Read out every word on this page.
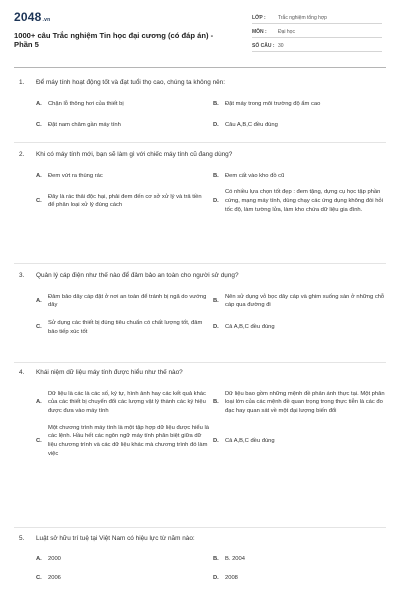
2048.vn
1000+ câu Trắc nghiệm Tin học đại cương (có đáp án) -
Phần 5
LỚP :	Trắc nghiệm tổng hợp
MÔN :	Đại học
SỐ CÂU : 30
1.	Để máy tính hoạt động tốt và đạt tuổi thọ cao, chúng ta không nên:
A.	Chặn lỗ thông hơi của thiết bị	B.	Đặt máy trong môi trường độ ẩm cao
C.	Đặt nam châm gần máy tính	D.	Câu A,B,C đều đúng
2.	Khi có máy tính mới, bạn sẽ làm gì với chiếc máy tính cũ đang dùng?
A.	Đem vứt ra thùng rác	B.	Đem cất vào kho đồ cũ
C.
Đây là rác thải độc hại, phải đem đến cơ sở xử lý và trả tiền để phân loại xử lý đúng cách
D.
Có nhiều lựa chọn tốt đẹp : đem tặng, dựng cụ học tập phần cứng, mạng máy tính, dùng chạy các ứng dụng không đòi hỏi tốc độ, làm tường lửa, làm kho chứa dữ liệu gia đình.
3.	Quản lý cáp điện như thế nào để đảm bảo an toàn cho người sử dụng?
A.
Đảm bảo dây cáp đặt ở nơi an toàn để tránh bị ngã do vướng dây
B.
Nên sử dụng vỏ bọc dây cáp và ghim xuống sàn ở những chỗ cáp qua đường đi
C.
Sử dụng các thiết bị đúng tiêu chuẩn có chất lượng tốt, đảm bảo tiếp xúc tốt
D.	Cả A,B,C đều đúng
4.	Khái niệm dữ liệu máy tính được hiểu như thế nào?
A.
Dữ liệu là các là các số, ký tự, hình ảnh hay các kết quả khác của các thiết bị chuyển đổi các lượng vật lý thành các ký hiệu được đưa vào máy tính
B.
Dữ liệu bao gồm những mệnh đề phản ánh thực tại. Một phân loại lớn của các mệnh đề quan trọng trong thực tiễn là các đo đạc hay quan sát về một đại lượng biến đổi
C.
Một chương trình máy tính là một tập hợp dữ liệu được hiểu là các lệnh. Hầu hết các ngôn ngữ máy tính phân biệt giữa dữ liệu chương trình và các dữ liệu khác mà chương trình đó làm việc
D.	Cả A,B,C đều đúng
5.	Luật sở hữu trí tuệ tại Việt Nam có hiệu lực từ năm nào:
A.	2000	B.	B. 2004
C.	2006	D.	2008
